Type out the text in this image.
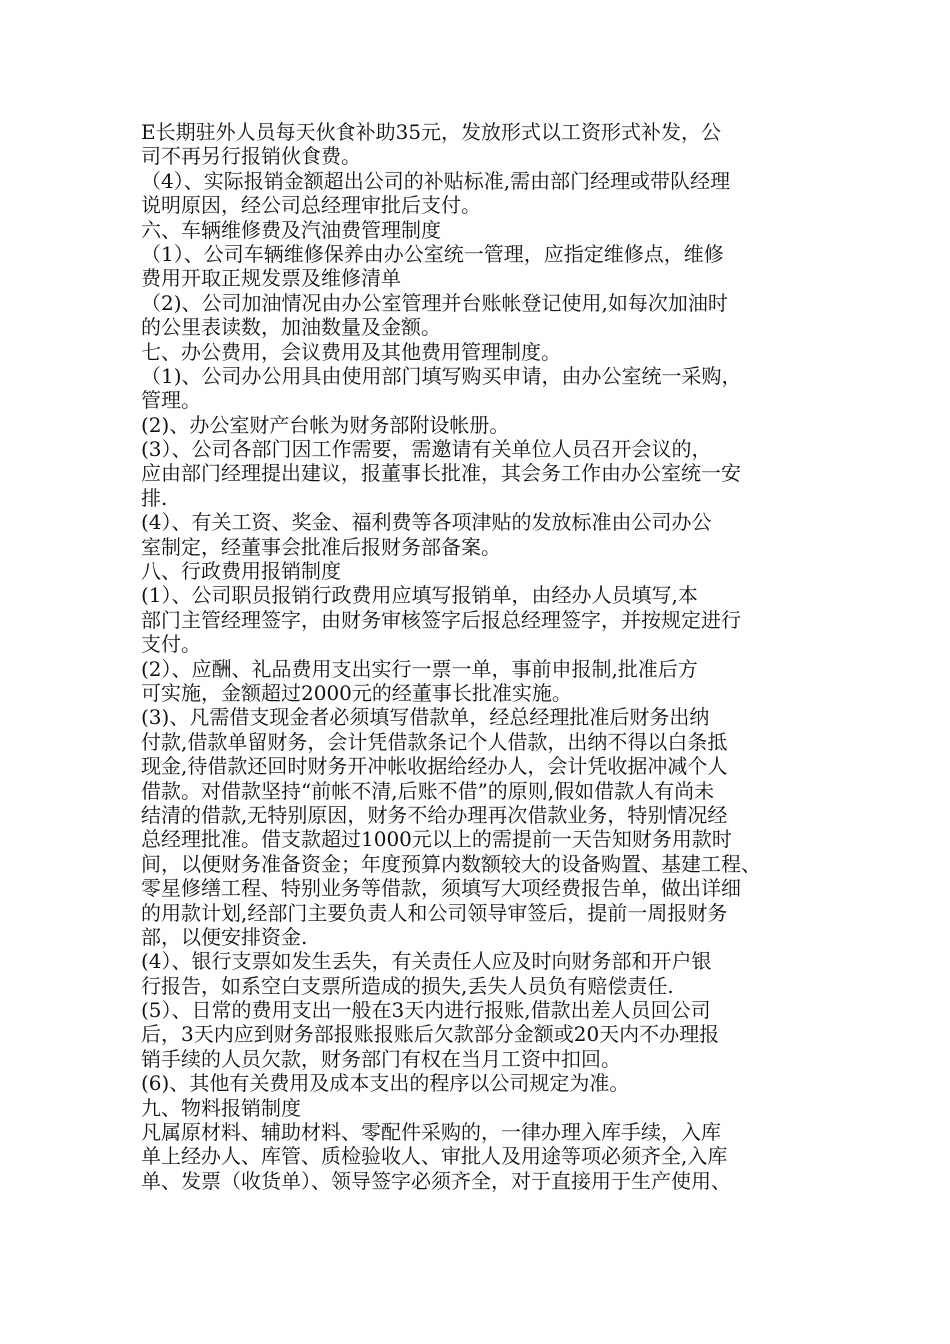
E长期驻外人员每天伙食补助35元，发放形式以工资形式补发，公
司不再另行报销伙食费。
（4）、实际报销金额超出公司的补贴标准,需由部门经理或带队经理
说明原因，经公司总经理审批后支付。
六、车辆维修费及汽油费管理制度
（1）、公司车辆维修保养由办公室统一管理，应指定维修点，维修
费用开取正规发票及维修清单
（2)、公司加油情况由办公室管理并台账帐登记使用,如每次加油时
的公里表读数，加油数量及金额。
七、办公费用，会议费用及其他费用管理制度。
（1)、公司办公用具由使用部门填写购买申请，由办公室统一采购，
管理。
(2)、办公室财产台帐为财务部附设帐册。
(3）、公司各部门因工作需要，需邀请有关单位人员召开会议的，
应由部门经理提出建议，报董事长批准，其会务工作由办公室统一安
排.
(4）、有关工资、奖金、福利费等各项津贴的发放标准由公司办公
室制定，经董事会批准后报财务部备案。
八、行政费用报销制度
(1）、公司职员报销行政费用应填写报销单，由经办人员填写,本
部门主管经理签字，由财务审核签字后报总经理签字，并按规定进行
支付。
(2）、应酬、礼品费用支出实行一票一单，事前申报制,批准后方
可实施，金额超过2000元的经董事长批准实施。
(3)、凡需借支现金者必须填写借款单，经总经理批准后财务出纳
付款,借款单留财务，会计凭借款条记个人借款，出纳不得以白条抵
现金,待借款还回时财务开冲帐收据给经办人，会计凭收据冲减个人
借款。对借款坚持“前帐不清,后账不借”的原则,假如借款人有尚未
结清的借款,无特别原因，财务不给办理再次借款业务，特别情况经
总经理批准。借支款超过1000元以上的需提前一天告知财务用款时
间，以便财务准备资金；年度预算内数额较大的设备购置、基建工程、
零星修缮工程、特别业务等借款，须填写大项经费报告单，做出详细
的用款计划,经部门主要负责人和公司领导审签后，提前一周报财务
部，以便安排资金.
(4）、银行支票如发生丢失，有关责任人应及时向财务部和开户银
行报告，如系空白支票所造成的损失,丢失人员负有赔偿责任.
(5）、日常的费用支出一般在3天内进行报账,借款出差人员回公司
后，3天内应到财务部报账报账后欠款部分金额或20天内不办理报
销手续的人员欠款，财务部门有权在当月工资中扣回。
(6)、其他有关费用及成本支出的程序以公司规定为准。
九、物料报销制度
凡属原材料、辅助材料、零配件采购的，一律办理入库手续，入库
单上经办人、库管、质检验收人、审批人及用途等项必须齐全,入库
单、发票（收货单）、领导签字必须齐全，对于直接用于生产使用、
